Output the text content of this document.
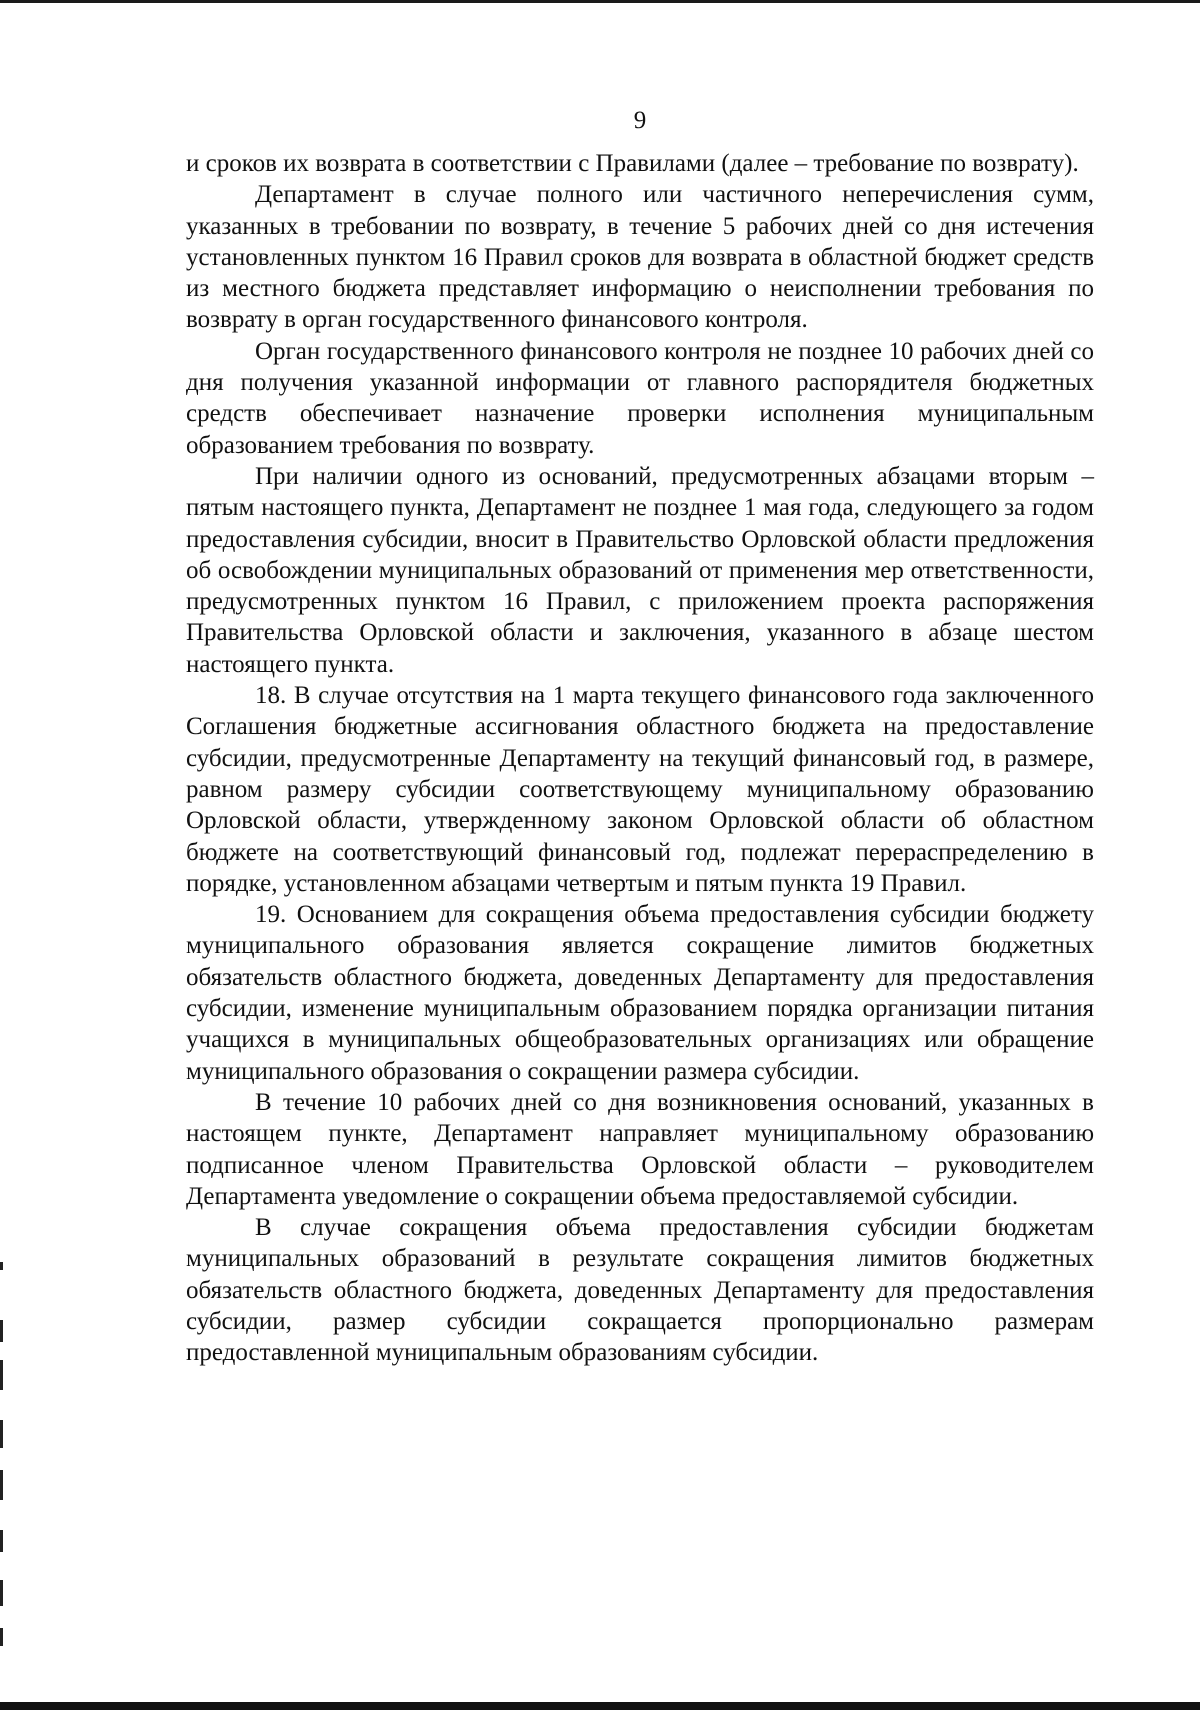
9

и сроков их возврата в соответствии с Правилами (далее – требование по возврату).

Департамент в случае полного или частичного неперечисления сумм, указанных в требовании по возврату, в течение 5 рабочих дней со дня истечения установленных пунктом 16 Правил сроков для возврата в областной бюджет средств из местного бюджета представляет информацию о неисполнении требования по возврату в орган государственного финансового контроля.

Орган государственного финансового контроля не позднее 10 рабочих дней со дня получения указанной информации от главного распорядителя бюджетных средств обеспечивает назначение проверки исполнения муниципальным образованием требования по возврату.

При наличии одного из оснований, предусмотренных абзацами вторым – пятым настоящего пункта, Департамент не позднее 1 мая года, следующего за годом предоставления субсидии, вносит в Правительство Орловской области предложения об освобождении муниципальных образований от применения мер ответственности, предусмотренных пунктом 16 Правил, с приложением проекта распоряжения Правительства Орловской области и заключения, указанного в абзаце шестом настоящего пункта.

18. В случае отсутствия на 1 марта текущего финансового года заключенного Соглашения бюджетные ассигнования областного бюджета на предоставление субсидии, предусмотренные Департаменту на текущий финансовый год, в размере, равном размеру субсидии соответствующему муниципальному образованию Орловской области, утвержденному законом Орловской области об областном бюджете на соответствующий финансовый год, подлежат перераспределению в порядке, установленном абзацами четвертым и пятым пункта 19 Правил.

19. Основанием для сокращения объема предоставления субсидии бюджету муниципального образования является сокращение лимитов бюджетных обязательств областного бюджета, доведенных Департаменту для предоставления субсидии, изменение муниципальным образованием порядка организации питания учащихся в муниципальных общеобразовательных организациях или обращение муниципального образования о сокращении размера субсидии.

В течение 10 рабочих дней со дня возникновения оснований, указанных в настоящем пункте, Департамент направляет муниципальному образованию подписанное членом Правительства Орловской области – руководителем Департамента уведомление о сокращении объема предоставляемой субсидии.

В случае сокращения объема предоставления субсидии бюджетам муниципальных образований в результате сокращения лимитов бюджетных обязательств областного бюджета, доведенных Департаменту для предоставления субсидии, размер субсидии сокращается пропорционально размерам предоставленной муниципальным образованиям субсидии.
